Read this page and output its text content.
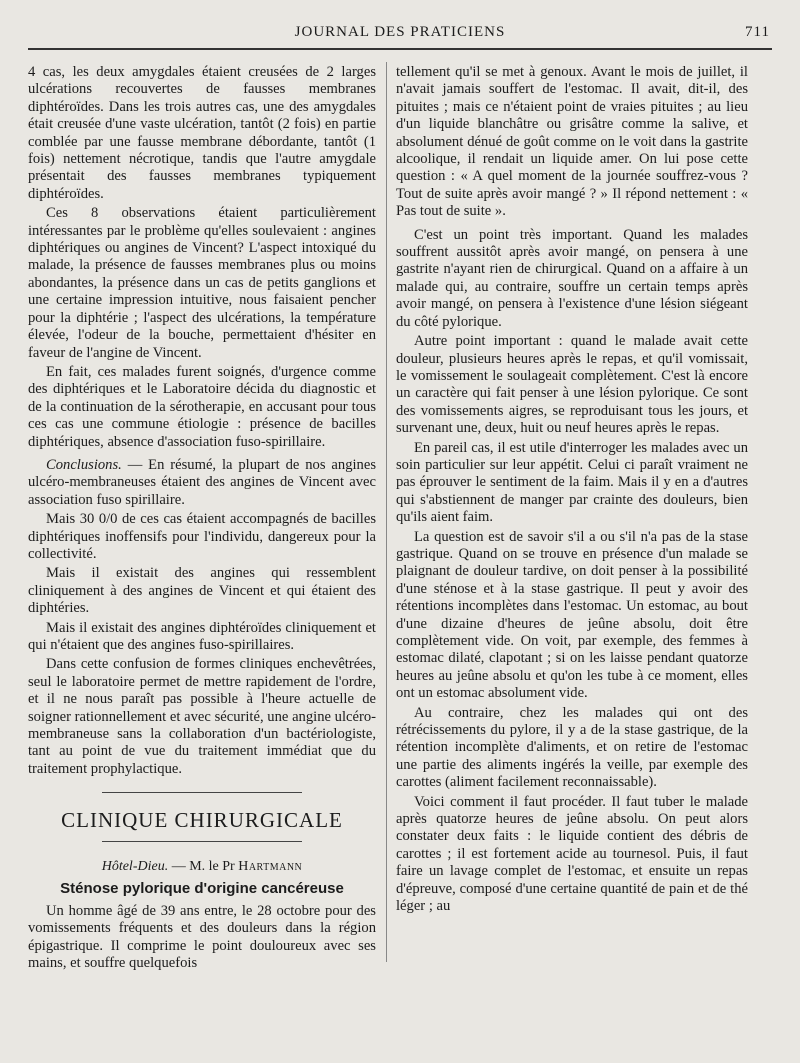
JOURNAL DES PRATICIENS	711

4 cas, les deux amygdales étaient creusées de 2 larges ulcérations recouvertes de fausses membranes diphtéroïdes. Dans les trois autres cas, une des amygdales était creusée d'une vaste ulcération, tantôt (2 fois) en partie comblée par une fausse membrane débordante, tantôt (1 fois) nettement nécrotique, tandis que l'autre amygdale présentait des fausses membranes typiquement diphtéroïdes.

Ces 8 observations étaient particulièrement intéressantes par le problème qu'elles soulevaient : angines diphtériques ou angines de Vincent? L'aspect intoxiqué du malade, la présence de fausses membranes plus ou moins abondantes, la présence dans un cas de petits ganglions et une certaine impression intuitive, nous faisaient pencher pour la diphtérie ; l'aspect des ulcérations, la température élevée, l'odeur de la bouche, permettaient d'hésiter en faveur de l'angine de Vincent.

En fait, ces malades furent soignés, d'urgence comme des diphtériques et le Laboratoire décida du diagnostic et de la continuation de la sérotherapie, en accusant pour tous ces cas une commune étiologie : présence de bacilles diphtériques, absence d'association fuso-spirillaire.

Conclusions. — En résumé, la plupart de nos angines ulcéro-membraneuses étaient des angines de Vincent avec association fuso spirillaire.

Mais 30 0/0 de ces cas étaient accompagnés de bacilles diphtériques inoffensifs pour l'individu, dangereux pour la collectivité.

Mais il existait des angines qui ressemblent cliniquement à des angines de Vincent et qui étaient des diphtéries.

Mais il existait des angines diphtéroïdes cliniquement et qui n'étaient que des angines fuso-spirillaires.

Dans cette confusion de formes cliniques enchevêtrées, seul le laboratoire permet de mettre rapidement de l'ordre, et il ne nous paraît pas possible à l'heure actuelle de soigner rationnellement et avec sécurité, une angine ulcéro-membraneuse sans la collaboration d'un bactériologiste, tant au point de vue du traitement immédiat que du traitement prophylactique.

CLINIQUE CHIRURGICALE
Hôtel-Dieu. — M. le Pr Hartmann
Sténose pylorique d'origine cancéreuse

Un homme âgé de 39 ans entre, le 28 octobre pour des vomissements fréquents et des douleurs dans la région épigastrique. Il comprime le point douloureux avec ses mains, et souffre quelquefois

tellement qu'il se met à genoux. Avant le mois de juillet, il n'avait jamais souffert de l'estomac. Il avait, dit-il, des pituites ; mais ce n'étaient point de vraies pituites ; au lieu d'un liquide blanchâtre ou grisâtre comme la salive, et absolument dénué de goût comme on le voit dans la gastrite alcoolique, il rendait un liquide amer. On lui pose cette question : « A quel moment de la journée souffrez-vous ? Tout de suite après avoir mangé ? » Il répond nettement : « Pas tout de suite ».

C'est un point très important. Quand les malades souffrent aussitôt après avoir mangé, on pensera à une gastrite n'ayant rien de chirurgical. Quand on a affaire à un malade qui, au contraire, souffre un certain temps après avoir mangé, on pensera à l'existence d'une lésion siégeant du côté pylorique.

Autre point important : quand le malade avait cette douleur, plusieurs heures après le repas, et qu'il vomissait, le vomissement le soulageait complètement. C'est là encore un caractère qui fait penser à une lésion pylorique. Ce sont des vomissements aigres, se reproduisant tous les jours, et survenant une, deux, huit ou neuf heures après le repas.

En pareil cas, il est utile d'interroger les malades avec un soin particulier sur leur appétit. Celui ci paraît vraiment ne pas éprouver le sentiment de la faim. Mais il y en a d'autres qui s'abstiennent de manger par crainte des douleurs, bien qu'ils aient faim.

La question est de savoir s'il a ou s'il n'a pas de la stase gastrique. Quand on se trouve en présence d'un malade se plaignant de douleur tardive, on doit penser à la possibilité d'une sténose et à la stase gastrique. Il peut y avoir des rétentions incomplètes dans l'estomac. Un estomac, au bout d'une dizaine d'heures de jeûne absolu, doit être complètement vide. On voit, par exemple, des femmes à estomac dilaté, clapotant ; si on les laisse pendant quatorze heures au jeûne absolu et qu'on les tube à ce moment, elles ont un estomac absolument vide.

Au contraire, chez les malades qui ont des rétrécissements du pylore, il y a de la stase gastrique, de la rétention incomplète d'aliments, et on retire de l'estomac une partie des aliments ingérés la veille, par exemple des carottes (aliment facilement reconnaissable).

Voici comment il faut procéder. Il faut tuber le malade après quatorze heures de jeûne absolu. On peut alors constater deux faits : le liquide contient des débris de carottes ; il est fortement acide au tournesol. Puis, il faut faire un lavage complet de l'estomac, et ensuite un repas d'épreuve, composé d'une certaine quantité de pain et de thé léger ; au
